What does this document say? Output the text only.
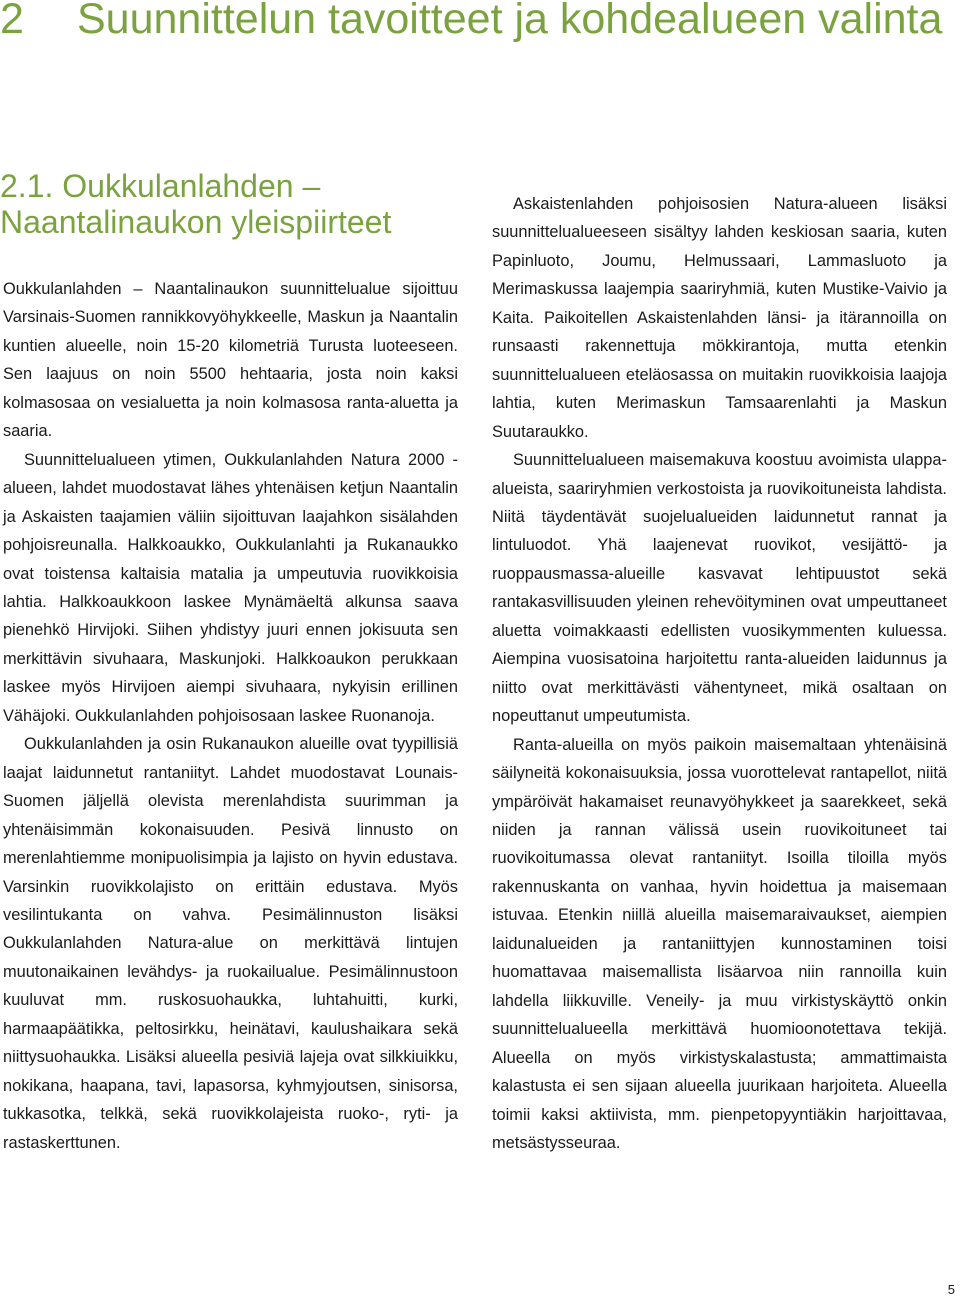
2	Suunnittelun tavoitteet ja kohdealueen valinta
2.1. Oukkulanlahden – Naantalinaukon yleispiirteet

Oukkulanlahden – Naantalinaukon suunnittelualue sijoittuu Varsinais-Suomen rannikkovyöhykkeelle, Maskun ja Naantalin kuntien alueelle, noin 15-20 kilometriä Turusta luoteeseen. Sen laajuus on noin 5500 hehtaaria, josta noin kaksi kolmasosaa on vesialuetta ja noin kolmasosa ranta-aluetta ja saaria.

Suunnittelualueen ytimen, Oukkulanlahden Natura 2000 -alueen, lahdet muodostavat lähes yhtenäisen ketjun Naantalin ja Askaisten taajamien väliin sijoittuvan laajahkon sisälahden pohjoisreunalla. Halkkoaukko, Oukkulanlahti ja Rukanaukko ovat toistensa kaltaisia matalia ja umpeutuvia ruovikkoisia lahtia. Halkkoaukkoon laskee Mynämäeltä alkunsa saava pienehkö Hirvijoki. Siihen yhdistyy juuri ennen jokisuuta sen merkittävin sivuhaara, Maskunjoki. Halkkoaukon perukkaan laskee myös Hirvijoen aiempi sivuhaara, nykyisin erillinen Vähäjoki. Oukkulanlahden pohjoisosaan laskee Ruonanoja.

Oukkulanlahden ja osin Rukanaukon alueille ovat tyypillisiä laajat laidunnetut rantaniityt. Lahdet muodostavat Lounais-Suomen jäljellä olevista merenlahdista suurimman ja yhtenäisimmän kokonaisuuden. Pesivä linnusto on merenlahtiemme monipuolisimpia ja lajisto on hyvin edustava. Varsinkin ruovikkolajisto on erittäin edustava. Myös vesilintukanta on vahva. Pesimälinnuston lisäksi Oukkulanlahden Natura-alue on merkittävä lintujen muutonaikainen levähdys- ja ruokailualue. Pesimälinnustoon kuuluvat mm. ruskosuohaukka, luhtahuitti, kurki, harmaapäätikka, peltosirkku, heinätavi, kaulushaikara sekä niittysuohaukka. Lisäksi alueella pesiviä lajeja ovat silkkiuikku, nokikana, haapana, tavi, lapasorsa, kyhmyjoutsen, sinisorsa, tukkasotka, telkkä, sekä ruovikkolajeista ruoko-, ryti- ja rastaskerttunen.

Askaistenlahden pohjoisosien Natura-alueen lisäksi suunnittelualueeseen sisältyy lahden keskiosan saaria, kuten Papinluoto, Joumu, Helmussaari, Lammasluoto ja Merimaskussa laajempia saariryhmiä, kuten Mustike-Vaivio ja Kaita. Paikoitellen Askaistenlahden länsi- ja itärannoilla on runsaasti rakennettuja mökkirantoja, mutta etenkin suunnittelualueen eteläosassa on muitakin ruovikkoisia laajoja lahtia, kuten Merimaskun Tamsaarenlahti ja Maskun Suutaraukko.

Suunnittelualueen maisemakuva koostuu avoimista ulappa-alueista, saariryhmien verkostoista ja ruovikoituneista lahdista. Niitä täydentävät suojelualueiden laidunnetut rannat ja lintuluodot. Yhä laajenevat ruovikot, vesijättö- ja ruoppausmassa-alueille kasvavat lehtipuustot sekä rantakasvillisuuden yleinen rehevöityminen ovat umpeuttaneet aluetta voimakkaasti edellisten vuosikymmenten kuluessa. Aiempina vuosisatoina harjoitettu ranta-alueiden laidunnus ja niitto ovat merkittävästi vähentyneet, mikä osaltaan on nopeuttanut umpeutumista.

Ranta-alueilla on myös paikoin maisemaltaan yhtenäisinä säilyneitä kokonaisuuksia, jossa vuorottelevat rantapellot, niitä ympäröivät hakamaiset reunavyöhykkeet ja saarekkeet, sekä niiden ja rannan välissä usein ruovikoituneet tai ruovikoitumassa olevat rantaniityt. Isoilla tiloilla myös rakennuskanta on vanhaa, hyvin hoidettua ja maisemaan istuvaa. Etenkin niillä alueilla maisemaraivaukset, aiempien laidunalueiden ja rantaniittyjen kunnostaminen toisi huomattavaa maisemallista lisäarvoa niin rannoilla kuin lahdella liikkuville. Veneily- ja muu virkistyskäyttö onkin suunnittelualueella merkittävä huomioonotettava tekijä. Alueella on myös virkistyskalastusta; ammattimaista kalastusta ei sen sijaan alueella juurikaan harjoiteta. Alueella toimii kaksi aktiivista, mm. pienpetopyyntiäkin harjoittavaa, metsästysseuraa.

5
